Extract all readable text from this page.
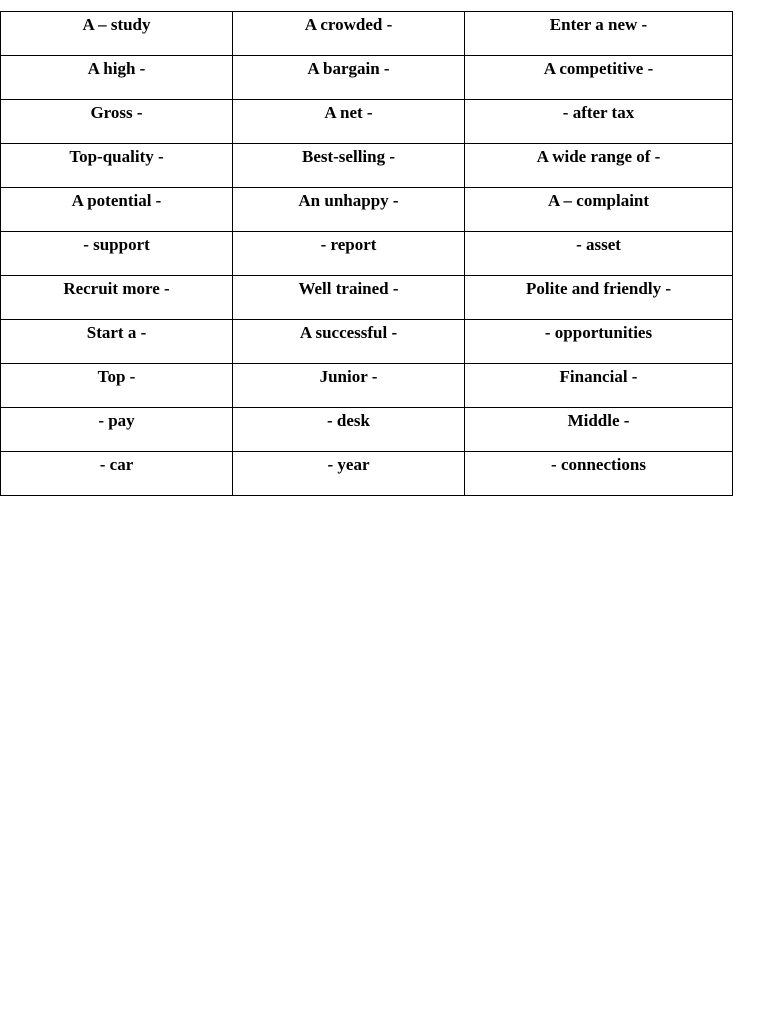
A – study	A crowded -	Enter a new -
A high -	A bargain -	A competitive -
Gross -	A net -	- after tax
Top-quality -	Best-selling -	A wide range of -
A potential -	An unhappy -	A – complaint
- support	- report	- asset
Recruit more -	Well trained -	Polite and friendly -
Start a -	A successful -	- opportunities
Top -	Junior -	Financial -
- pay	- desk	Middle -
- car	- year	- connections
